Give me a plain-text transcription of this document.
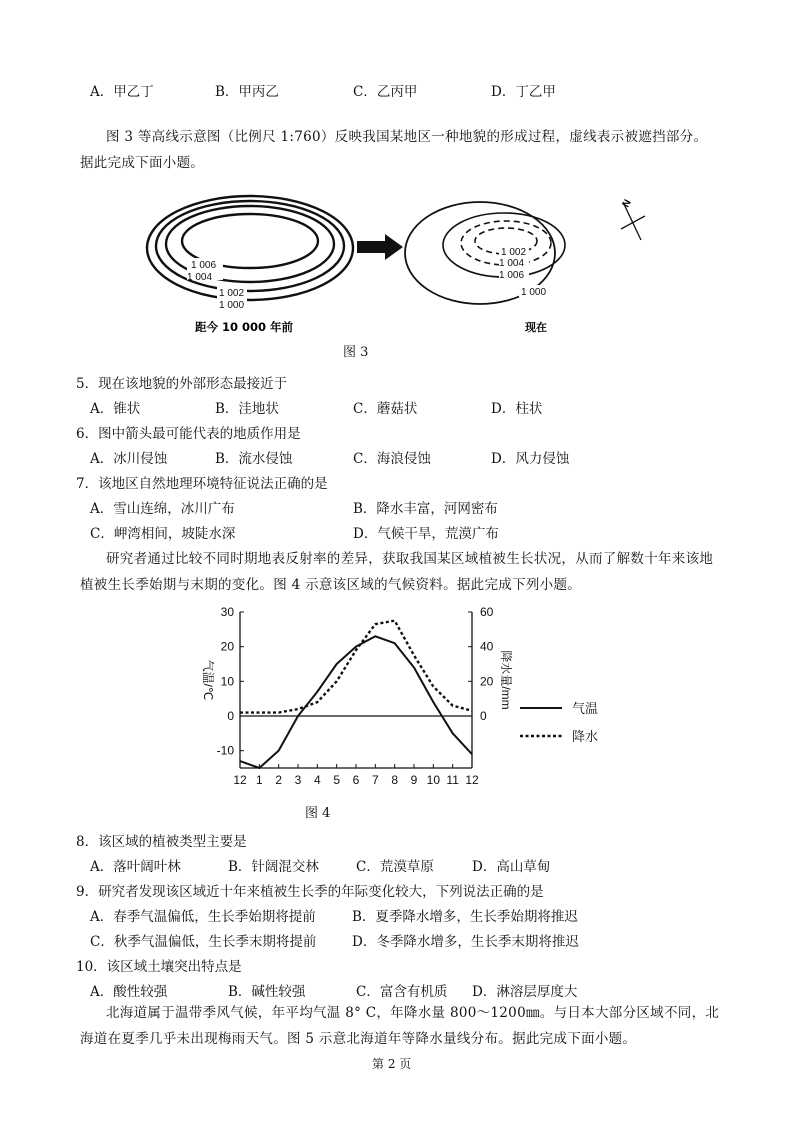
A．甲乙丁	B．甲丙乙	C．乙丙甲	D．丁乙甲
图 3 等高线示意图（比例尺 1:760）反映我国某地区一种地貌的形成过程，虚线表示被遮挡部分。据此完成下面小题。
1 006
1 004
1 002
1 000
距今 10 000 年前
1 002
1 004
1 006
1 000
现在
N
图 3
5．现在该地貌的外部形态最接近于
A．锥状	B．洼地状	C．蘑菇状	D．柱状
6．图中箭头最可能代表的地质作用是
A．冰川侵蚀	B．流水侵蚀	C．海浪侵蚀	D．风力侵蚀
7．该地区自然地理环境特征说法正确的是
A．雪山连绵，冰川广布	B．降水丰富，河网密布
C．岬湾相间，坡陡水深	D．气候干旱，荒漠广布
研究者通过比较不同时期地表反射率的差异，获取我国某区域植被生长状况，从而了解数十年来该地植被生长季始期与末期的变化。图 4 示意该区域的气候资料。据此完成下列小题。
12 1 2 3 4 5 6 7 8 9 10 11 12
30
20
10
0
-10
60
40
20
0
气温/℃	降水量/mm	气温
降水
图 4
8．该区域的植被类型主要是
A．落叶阔叶林	B．针阔混交林	C．荒漠草原	D．高山草甸
9．研究者发现该区域近十年来植被生长季的年际变化较大，下列说法正确的是
A．春季气温偏低，生长季始期将提前	B．夏季降水增多，生长季始期将推迟
C．秋季气温偏低，生长季末期将提前	D．冬季降水增多，生长季末期将推迟
10．该区域土壤突出特点是
A．酸性较强	B．碱性较强	C．富含有机质 D．淋溶层厚度大
北海道属于温带季风气候，年平均气温 8° C，年降水量 800～1200㎜。与日本大部分区域不同，北海道在夏季几乎未出现梅雨天气。图 5 示意北海道年等降水量线分布。据此完成下面小题。
第 2 页
